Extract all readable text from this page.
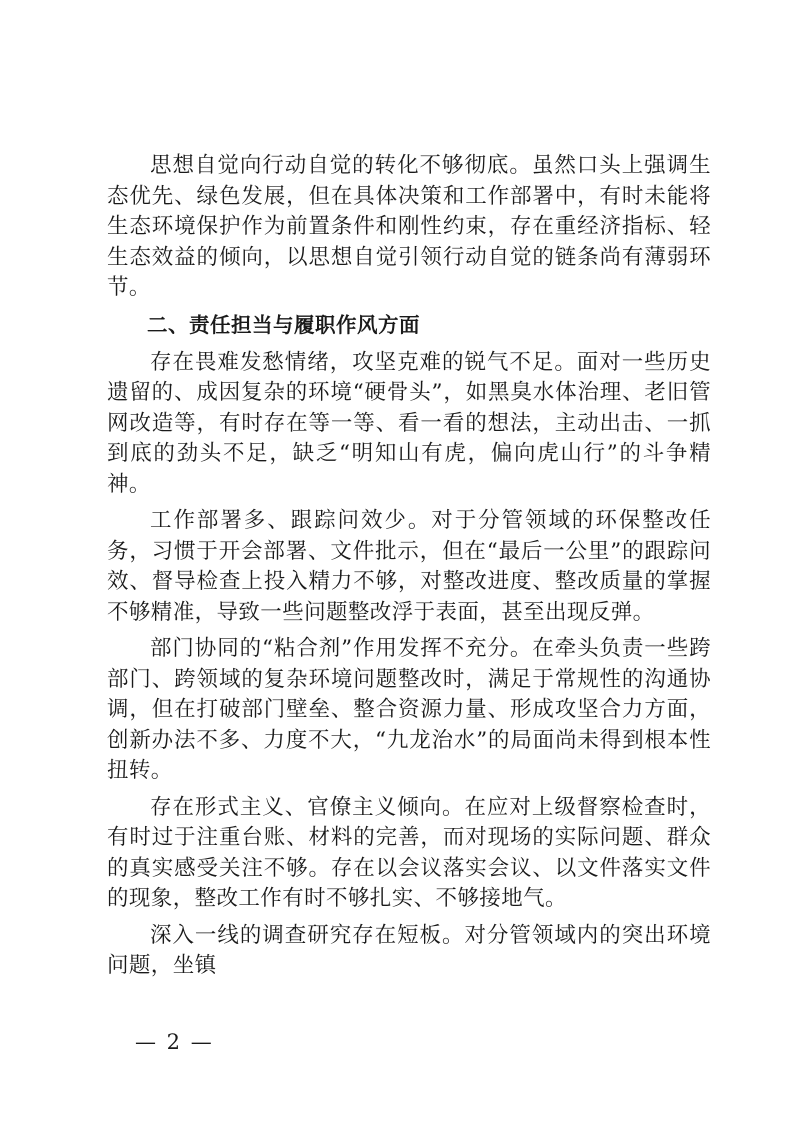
思想自觉向行动自觉的转化不够彻底。虽然口头上强调生态优先、绿色发展，但在具体决策和工作部署中，有时未能将生态环境保护作为前置条件和刚性约束，存在重经济指标、轻生态效益的倾向，以思想自觉引领行动自觉的链条尚有薄弱环节。

二、责任担当与履职作风方面

存在畏难发愁情绪，攻坚克难的锐气不足。面对一些历史遗留的、成因复杂的环境“硬骨头”，如黑臭水体治理、老旧管网改造等，有时存在等一等、看一看的想法，主动出击、一抓到底的劲头不足，缺乏“明知山有虎，偏向虎山行”的斗争精神。

工作部署多、跟踪问效少。对于分管领域的环保整改任务，习惯于开会部署、文件批示，但在“最后一公里”的跟踪问效、督导检查上投入精力不够，对整改进度、整改质量的掌握不够精准，导致一些问题整改浮于表面，甚至出现反弹。

部门协同的“粘合剂”作用发挥不充分。在牵头负责一些跨部门、跨领域的复杂环境问题整改时，满足于常规性的沟通协调，但在打破部门壁垒、整合资源力量、形成攻坚合力方面，创新办法不多、力度不大，“九龙治水”的局面尚未得到根本性扭转。

存在形式主义、官僚主义倾向。在应对上级督察检查时，有时过于注重台账、材料的完善，而对现场的实际问题、群众的真实感受关注不够。存在以会议落实会议、以文件落实文件的现象，整改工作有时不够扎实、不够接地气。

深入一线的调查研究存在短板。对分管领域内的突出环境问题，坐镇

— 2 —
